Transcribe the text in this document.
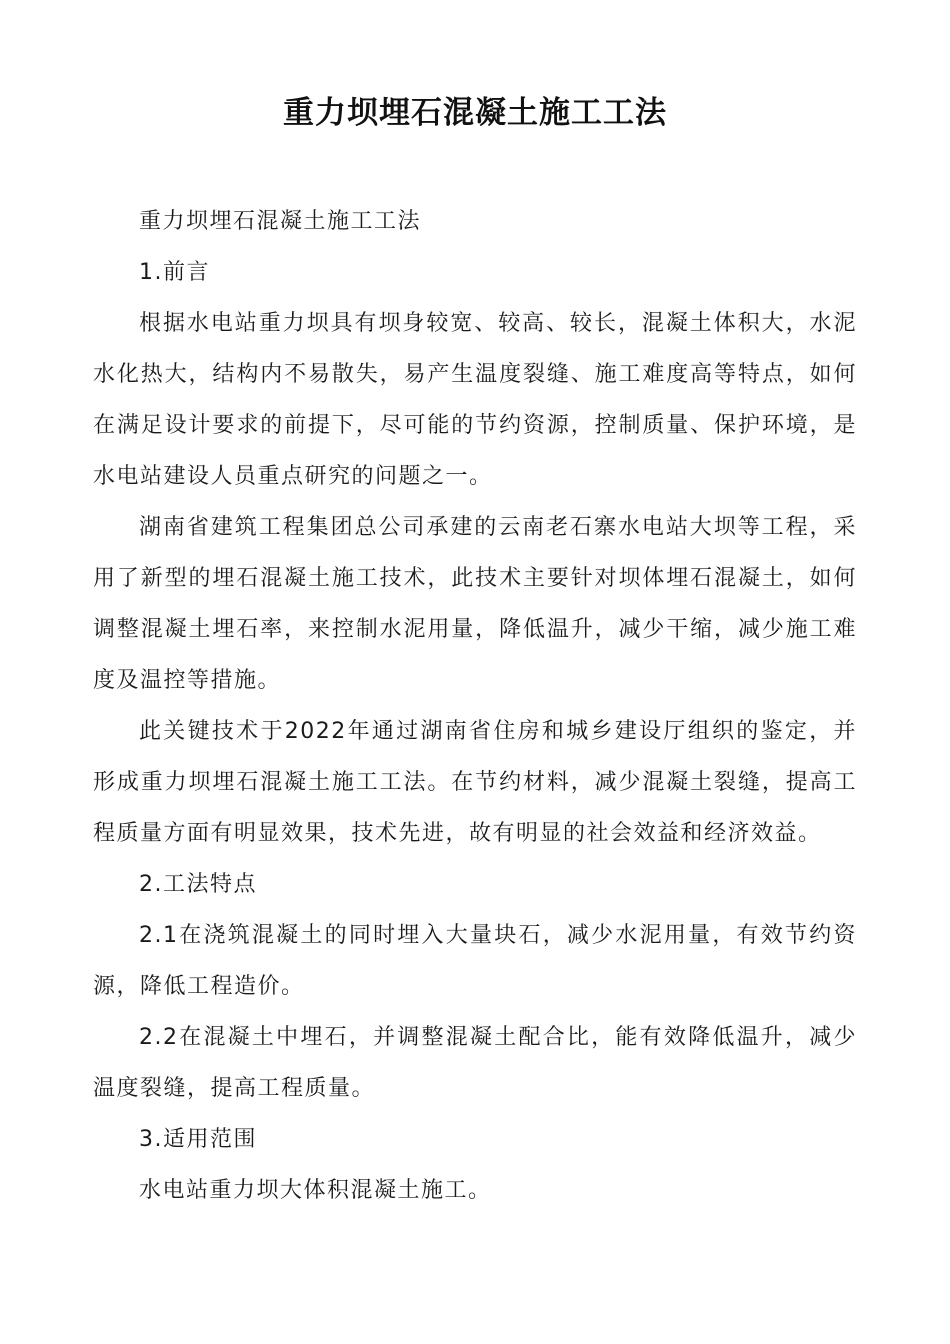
重力坝埋石混凝土施工工法

重力坝埋石混凝土施工工法

1.前言

根据水电站重力坝具有坝身较宽、较高、较长，混凝土体积大，水泥水化热大，结构内不易散失，易产生温度裂缝、施工难度高等特点，如何在满足设计要求的前提下，尽可能的节约资源，控制质量、保护环境，是水电站建设人员重点研究的问题之一。

湖南省建筑工程集团总公司承建的云南老石寨水电站大坝等工程，采用了新型的埋石混凝土施工技术，此技术主要针对坝体埋石混凝土，如何调整混凝土埋石率，来控制水泥用量，降低温升，减少干缩，减少施工难度及温控等措施。

此关键技术于2022年通过湖南省住房和城乡建设厅组织的鉴定，并形成重力坝埋石混凝土施工工法。在节约材料，减少混凝土裂缝，提高工程质量方面有明显效果，技术先进，故有明显的社会效益和经济效益。

2.工法特点

2.1在浇筑混凝土的同时埋入大量块石，减少水泥用量，有效节约资源，降低工程造价。

2.2在混凝土中埋石，并调整混凝土配合比，能有效降低温升，减少温度裂缝，提高工程质量。

3.适用范围

水电站重力坝大体积混凝土施工。
